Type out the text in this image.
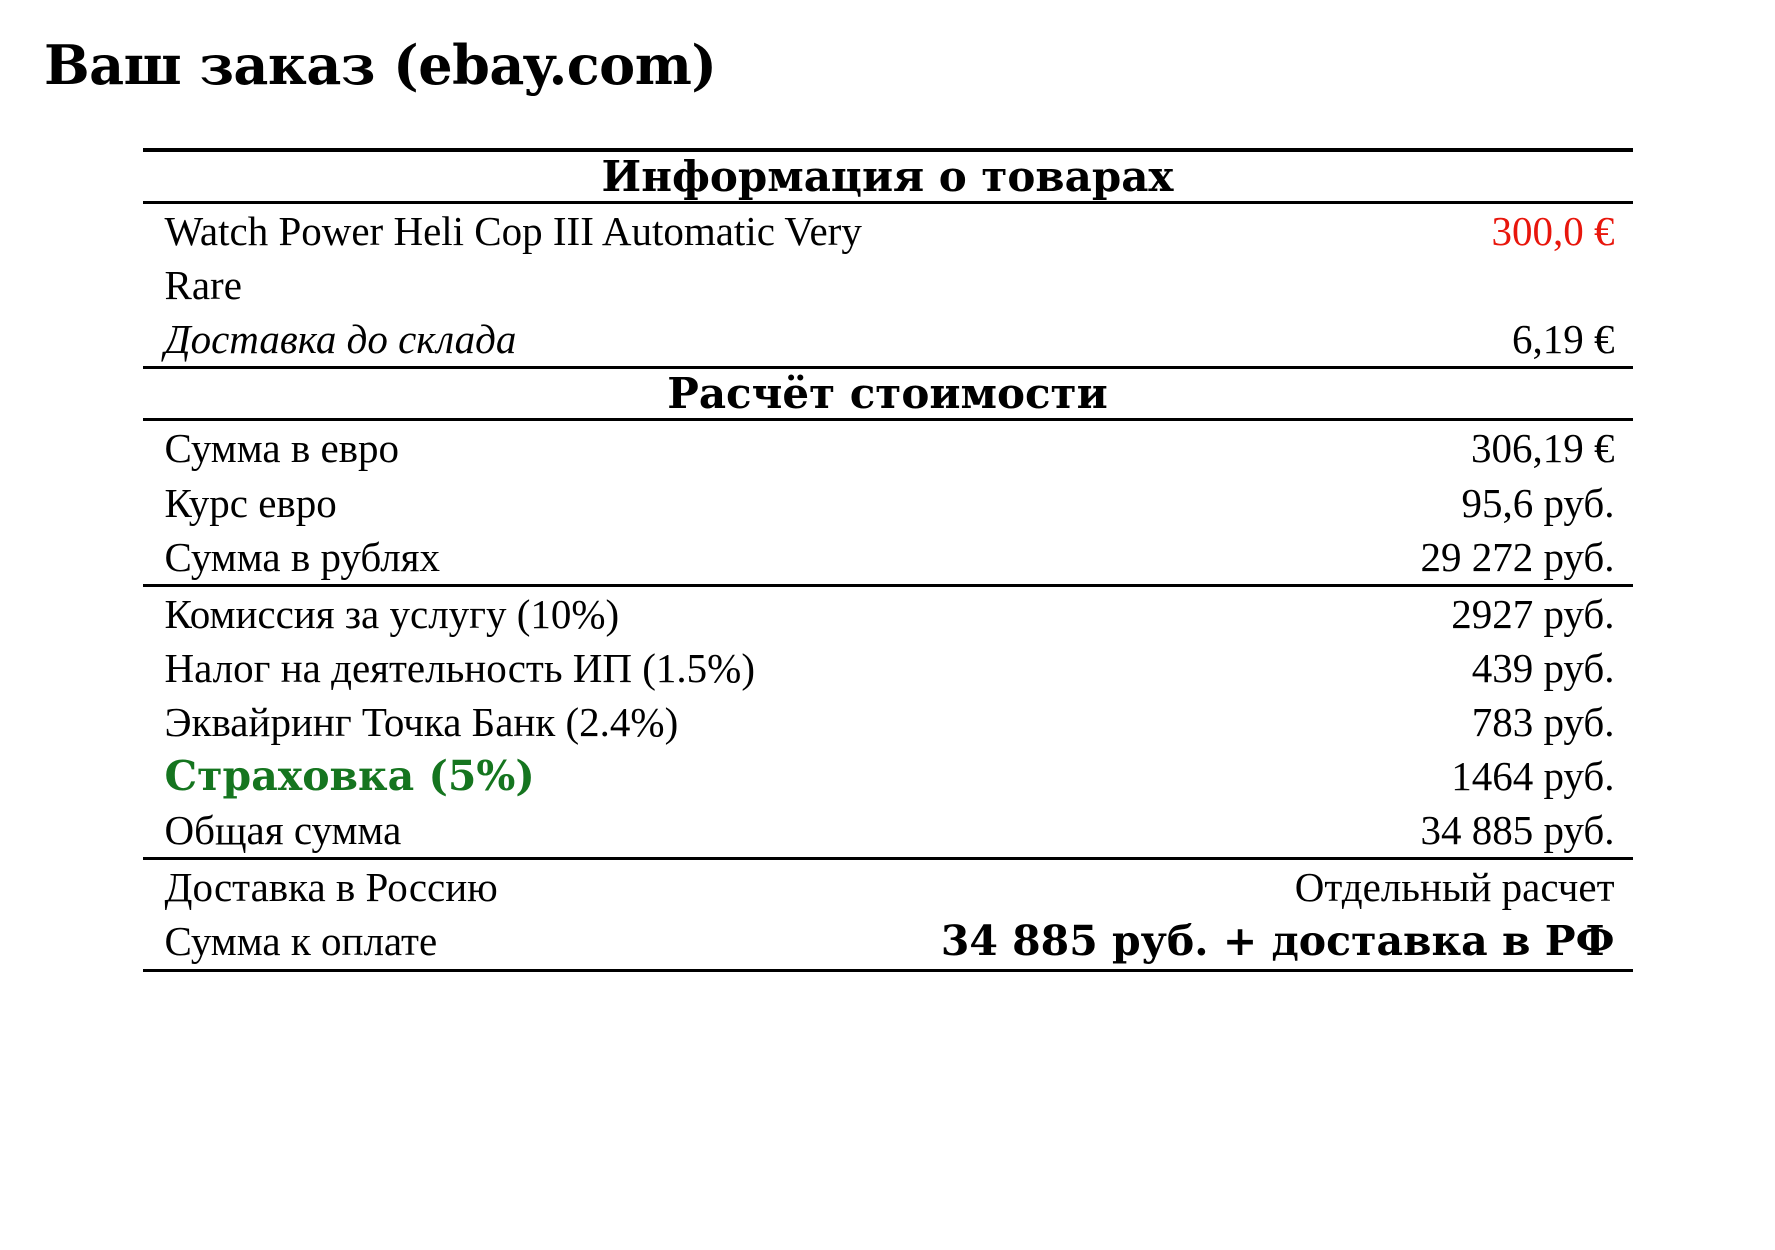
Ваш заказ (ebay.com)

Информация о товарах	

Watch Power Heli Cop III Automatic Very Rare	300,0 €
Доставка до склада	6,19 €

Расчёт стоимости	

Сумма в евро	306,19 €
Курс евро	95,6 руб.
Сумма в рублях	29 272 руб.

Комиссия за услугу (10%)	2927 руб.
Налог на деятельность ИП (1.5%)	439 руб.
Эквайринг Точка Банк (2.4%)	783 руб.
Страховка (5%)	1464 руб.
Общая сумма	34 885 руб.

Доставка в Россию	Отдельный расчет
Сумма к оплате	34 885 руб. + доставка в РФ
